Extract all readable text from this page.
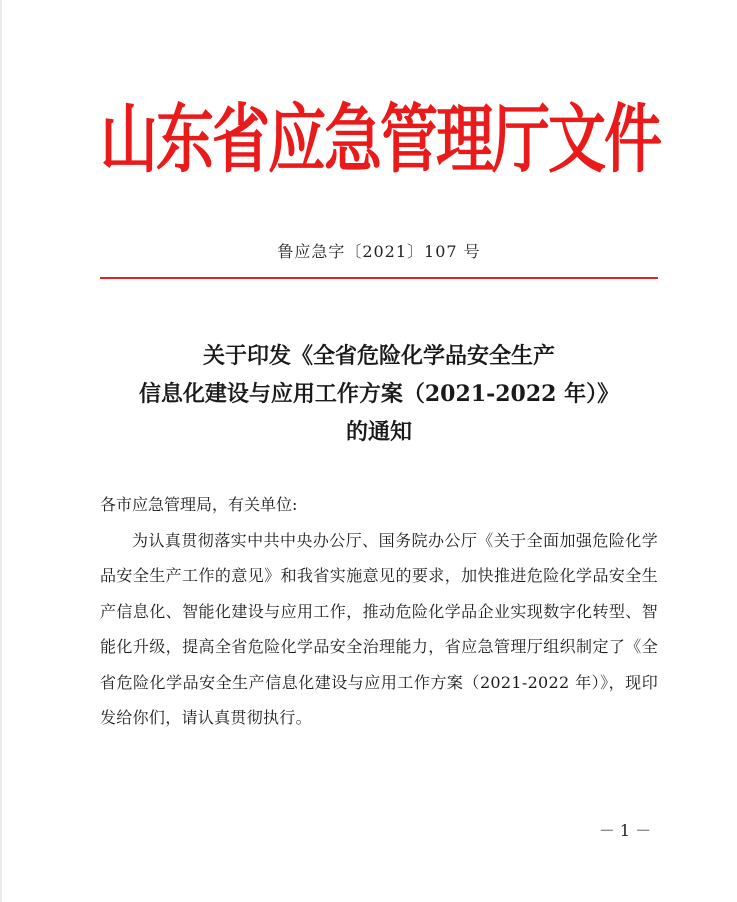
山东省应急管理厅文件
鲁应急字〔2021〕107 号
关于印发《全省危险化学品安全生产
信息化建设与应用工作方案（2021-2022 年）》
的通知
各市应急管理局，有关单位:
为认真贯彻落实中共中央办公厅、国务院办公厅《关于全面加强危险化学品安全生产工作的意见》和我省实施意见的要求，加快推进危险化学品安全生产信息化、智能化建设与应用工作，推动危险化学品企业实现数字化转型、智能化升级，提高全省危险化学品安全治理能力，省应急管理厅组织制定了《全省危险化学品安全生产信息化建设与应用工作方案（2021-2022 年）》，现印发给你们，请认真贯彻执行。
－ 1 －
